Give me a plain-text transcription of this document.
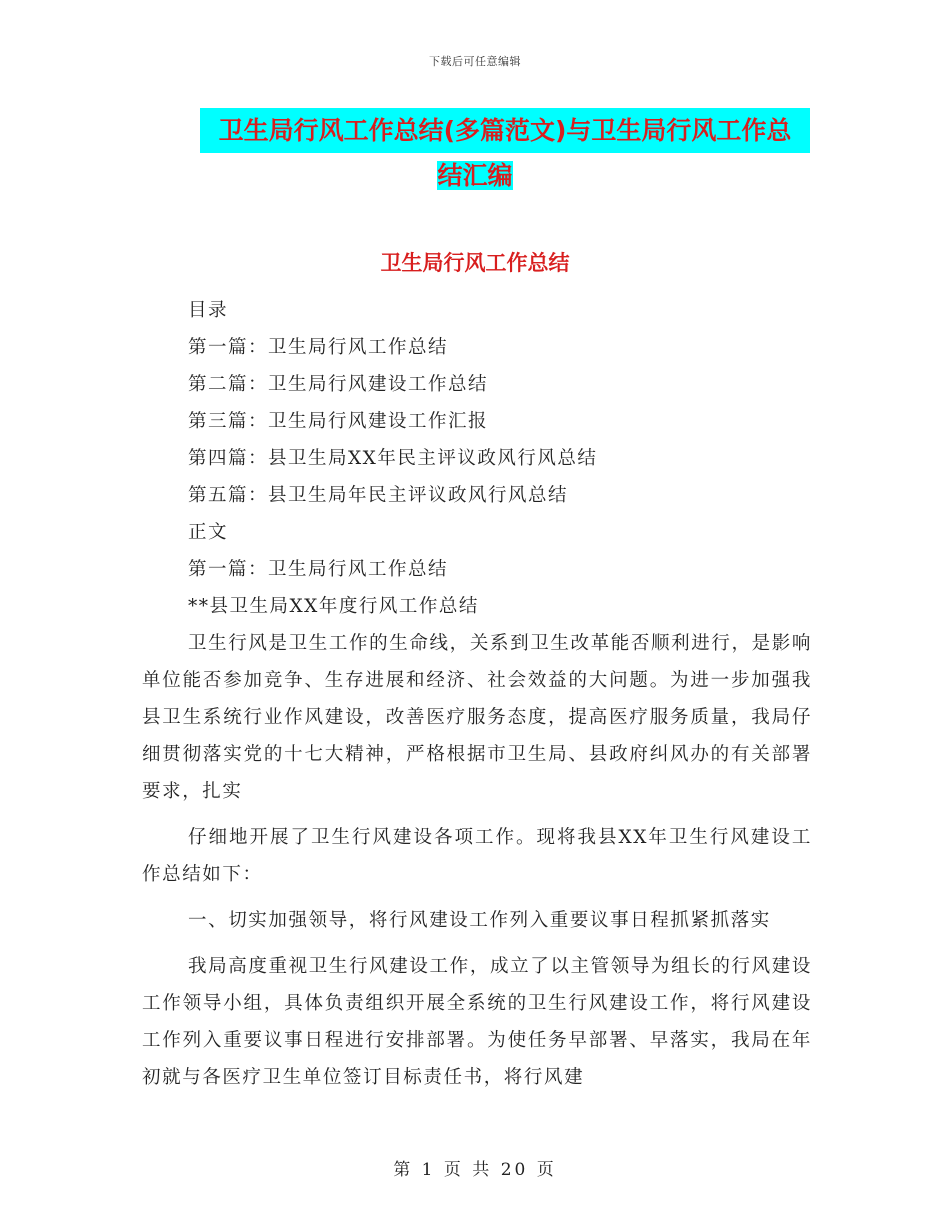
下载后可任意编辑
卫生局行风工作总结(多篇范文)与卫生局行风工作总
结汇编
卫生局行风工作总结
目录
第一篇：卫生局行风工作总结
第二篇：卫生局行风建设工作总结
第三篇：卫生局行风建设工作汇报
第四篇：县卫生局XX年民主评议政风行风总结
第五篇：县卫生局年民主评议政风行风总结
正文
第一篇：卫生局行风工作总结
**县卫生局XX年度行风工作总结

卫生行风是卫生工作的生命线，关系到卫生改革能否顺利进行，是影响单位能否参加竞争、生存进展和经济、社会效益的大问题。为进一步加强我县卫生系统行业作风建设，改善医疗服务态度，提高医疗服务质量，我局仔细贯彻落实党的十七大精神，严格根据市卫生局、县政府纠风办的有关部署要求，扎实

仔细地开展了卫生行风建设各项工作。现将我县XX年卫生行风建设工作总结如下：

一、切实加强领导，将行风建设工作列入重要议事日程抓紧抓落实

我局高度重视卫生行风建设工作，成立了以主管领导为组长的行风建设工作领导小组，具体负责组织开展全系统的卫生行风建设工作，将行风建设工作列入重要议事日程进行安排部署。为使任务早部署、早落实，我局在年初就与各医疗卫生单位签订目标责任书，将行风建

第 1 页 共 20 页
